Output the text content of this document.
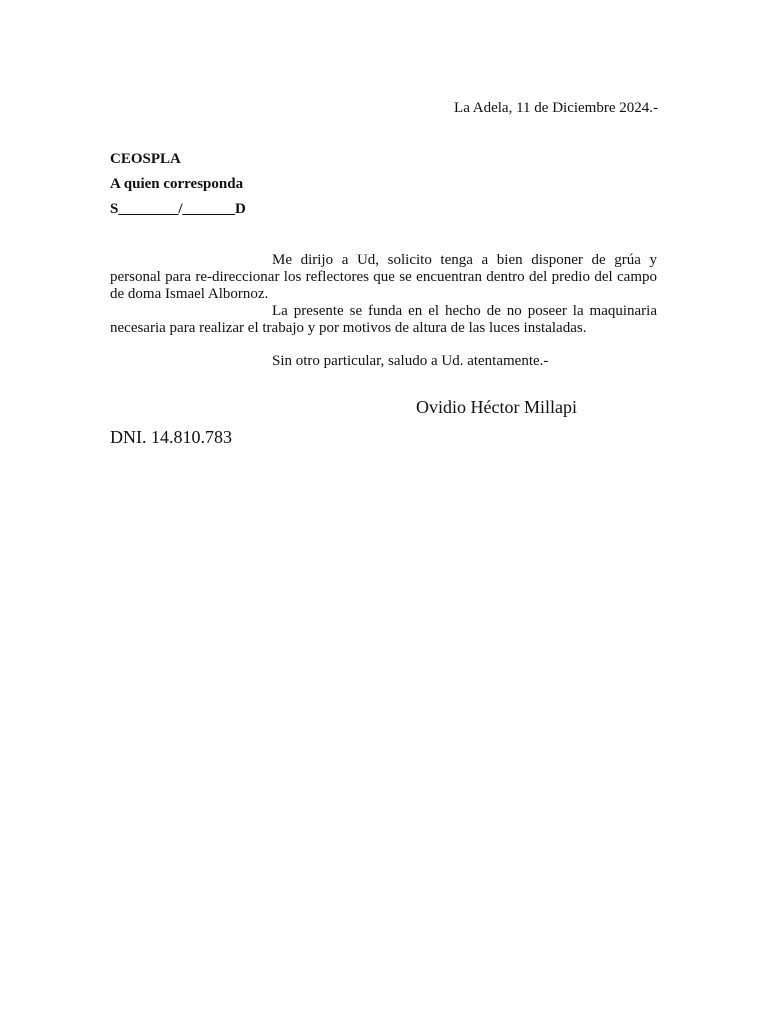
La Adela, 11 de Diciembre 2024.-
CEOSPLA
A quien corresponda
S________/_______D

Me dirijo a Ud, solicito tenga a bien disponer de grúa y personal para re-direccionar los reflectores que se encuentran dentro del predio del campo de doma Ismael Albornoz.

La presente se funda en el hecho de no poseer la maquinaria necesaria para realizar el trabajo y por motivos de altura de las luces instaladas.

Sin otro particular, saludo a Ud. atentamente.-

Ovidio Héctor Millapi
DNI. 14.810.783
